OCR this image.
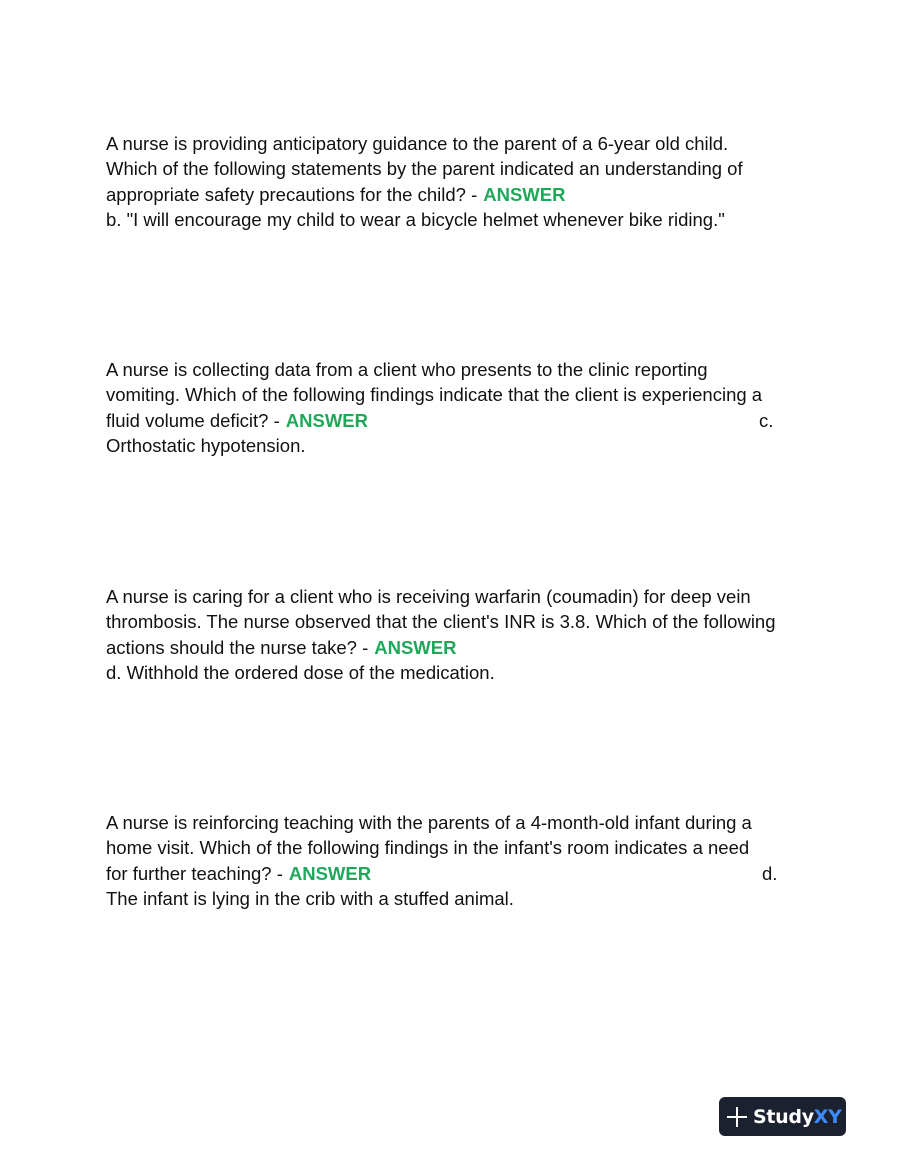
A nurse is providing anticipatory guidance to the parent of a 6-year old child.
Which of the following statements by the parent indicated an understanding of
appropriate safety precautions for the child? - ANSWER
b. "I will encourage my child to wear a bicycle helmet whenever bike riding."
A nurse is collecting data from a client who presents to the clinic reporting
vomiting. Which of the following findings indicate that the client is experiencing a
fluid volume deficit? - ANSWER	c.
Orthostatic hypotension.
A nurse is caring for a client who is receiving warfarin (coumadin) for deep vein
thrombosis. The nurse observed that the client's INR is 3.8. Which of the following
actions should the nurse take? - ANSWER
d. Withhold the ordered dose of the medication.
A nurse is reinforcing teaching with the parents of a 4-month-old infant during a
home visit. Which of the following findings in the infant's room indicates a need
for further teaching? - ANSWER	d.
The infant is lying in the crib with a stuffed animal.
StudyXY
